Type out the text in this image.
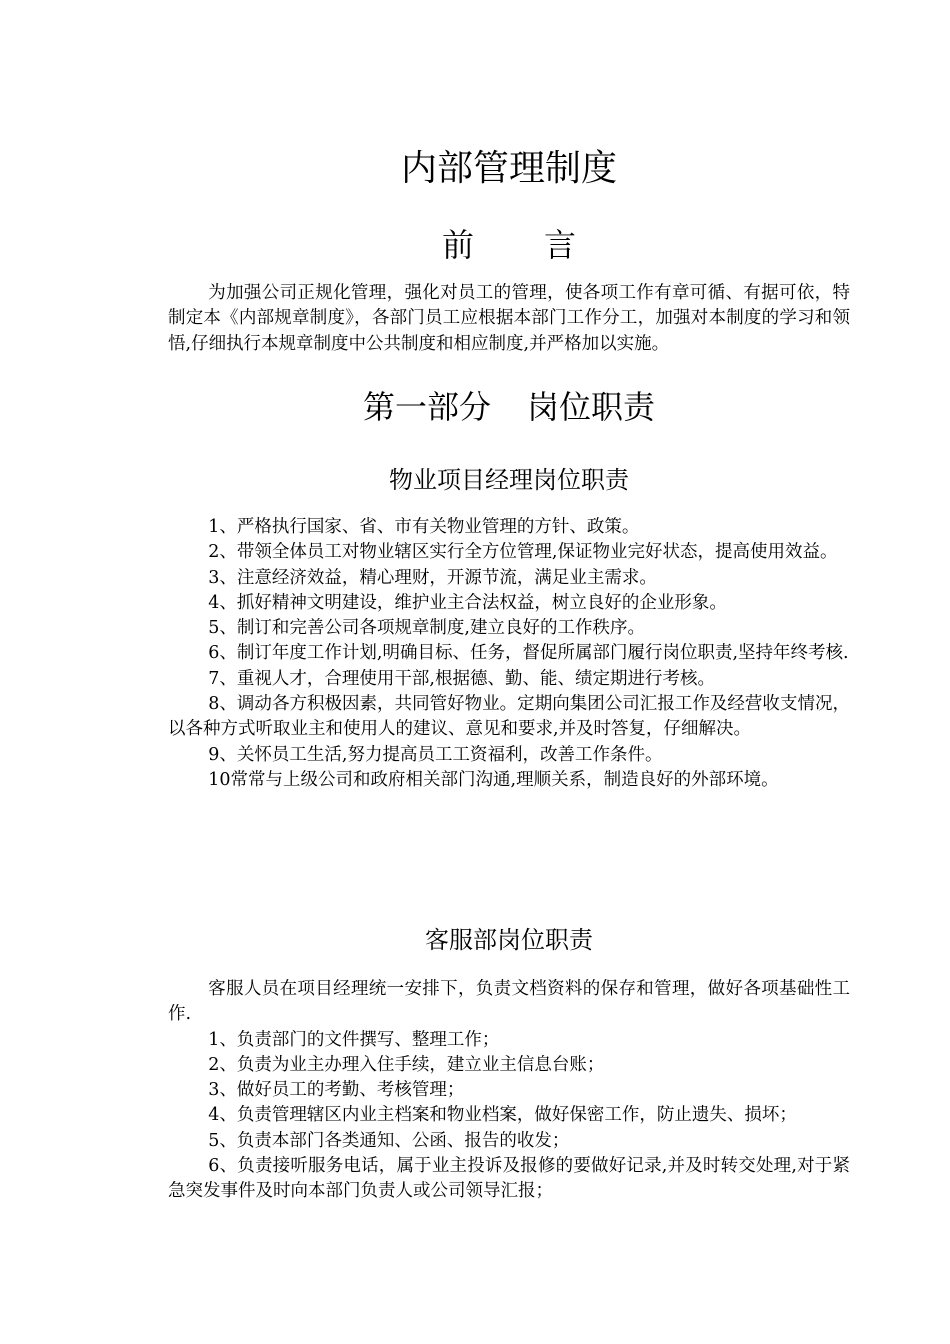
内部管理制度
前 言

为加强公司正规化管理，强化对员工的管理，使各项工作有章可循、有据可依，特制定本《内部规章制度》，各部门员工应根据本部门工作分工，加强对本制度的学习和领悟,仔细执行本规章制度中公共制度和相应制度,并严格加以实施。

第一部分 岗位职责
物业项目经理岗位职责

1、严格执行国家、省、市有关物业管理的方针、政策。

2、带领全体员工对物业辖区实行全方位管理,保证物业完好状态，提高使用效益。

3、注意经济效益，精心理财，开源节流，满足业主需求。

4、抓好精神文明建设，维护业主合法权益，树立良好的企业形象。

5、制订和完善公司各项规章制度,建立良好的工作秩序。

6、制订年度工作计划,明确目标、任务，督促所属部门履行岗位职责,坚持年终考核.

7、重视人才，合理使用干部,根据德、勤、能、绩定期进行考核。

8、调动各方积极因素，共同管好物业。定期向集团公司汇报工作及经营收支情况，以各种方式听取业主和使用人的建议、意见和要求,并及时答复，仔细解决。

9、关怀员工生活,努力提高员工工资福利，改善工作条件。

10常常与上级公司和政府相关部门沟通,理顺关系，制造良好的外部环境。

客服部岗位职责

客服人员在项目经理统一安排下，负责文档资料的保存和管理，做好各项基础性工作.

1、负责部门的文件撰写、整理工作；

2、负责为业主办理入住手续，建立业主信息台账；

3、做好员工的考勤、考核管理；

4、负责管理辖区内业主档案和物业档案，做好保密工作，防止遗失、损坏；

5、负责本部门各类通知、公函、报告的收发；

6、负责接听服务电话，属于业主投诉及报修的要做好记录,并及时转交处理,对于紧急突发事件及时向本部门负责人或公司领导汇报；
